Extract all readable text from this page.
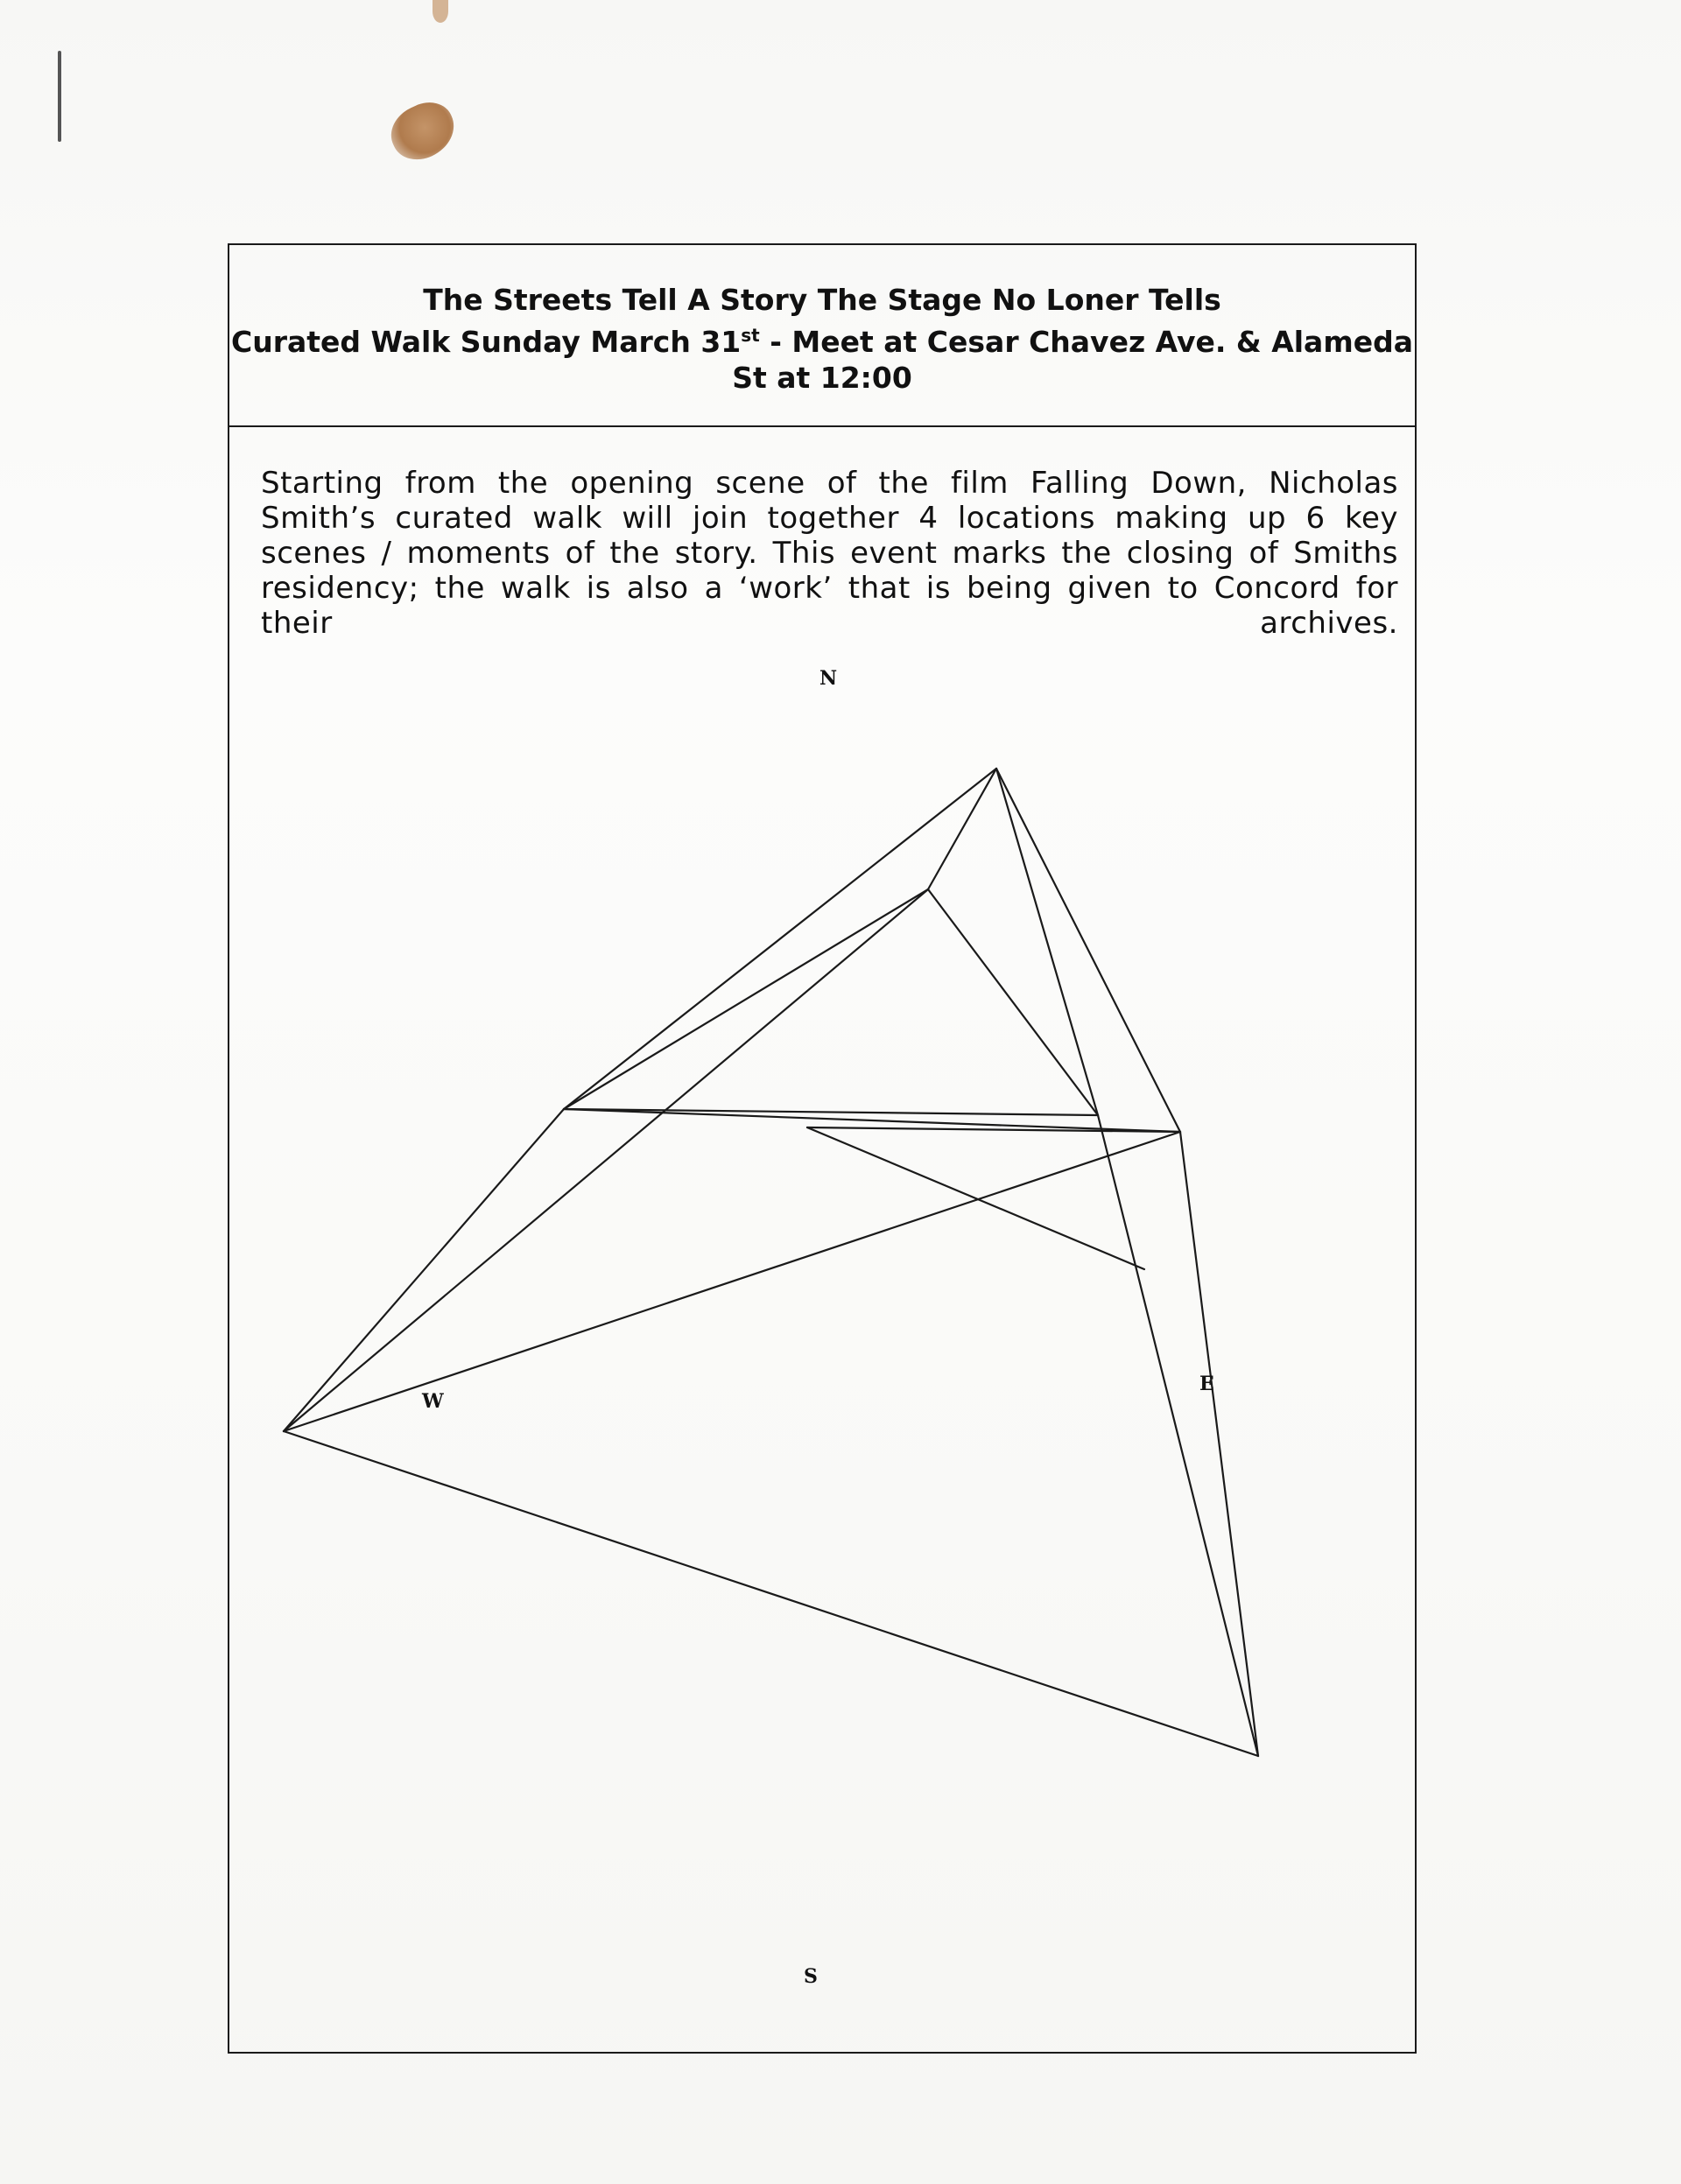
The Streets Tell A Story The Stage No Loner Tells
Curated Walk Sunday March 31st - Meet at Cesar Chavez Ave. & Alameda
St at 12:00
Starting from the opening scene of the film Falling Down, Nicholas Smith’s curated walk will join together 4 locations making up 6 key scenes / moments of the story. This event marks the closing of Smiths residency; the walk is also a ‘work’ that is being given to Concord for their archives.
N
W
E
S
